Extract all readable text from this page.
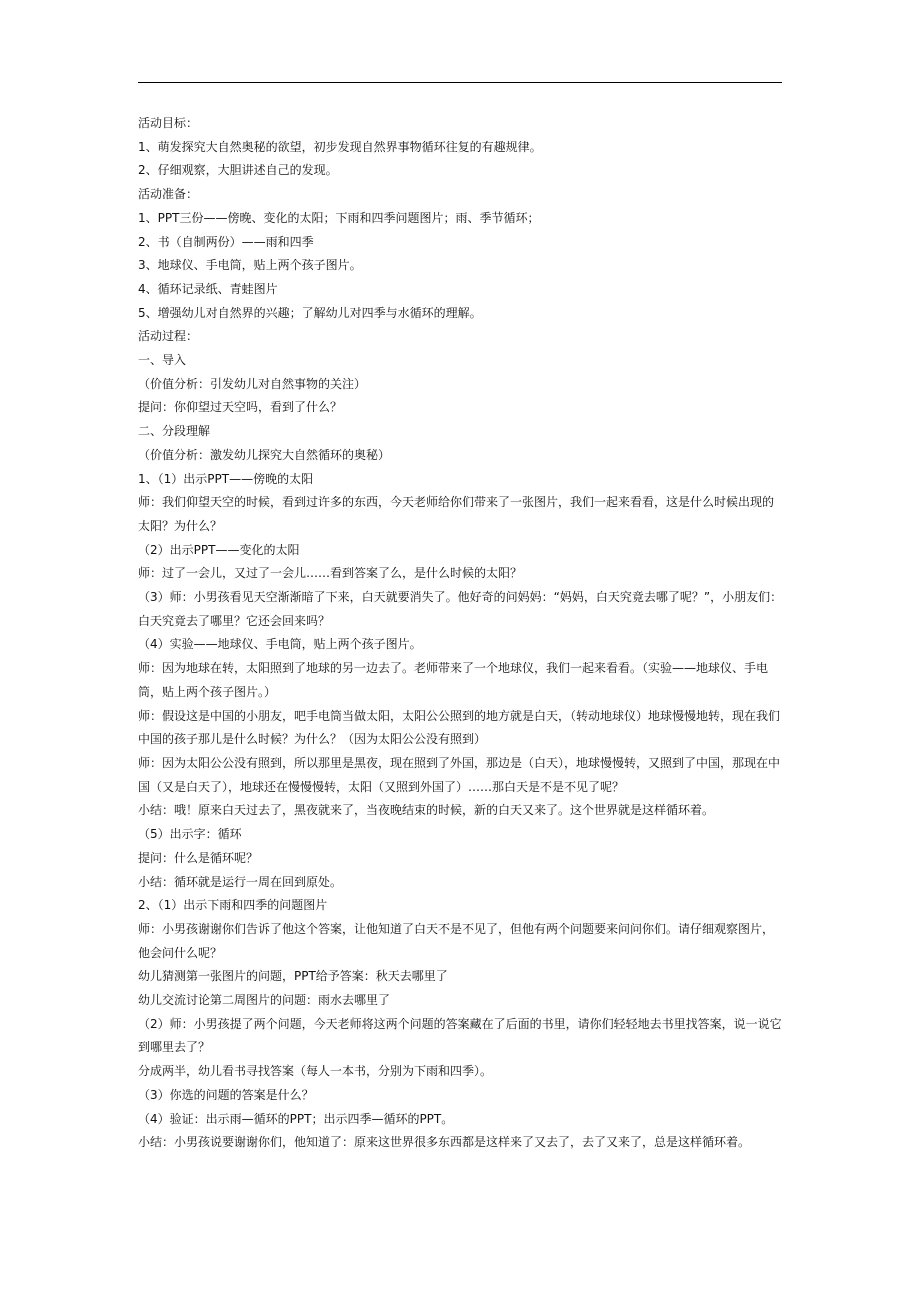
活动目标：
1、萌发探究大自然奥秘的欲望，初步发现自然界事物循环往复的有趣规律。
2、仔细观察，大胆讲述自己的发现。
活动准备：
1、PPT三份——傍晚、变化的太阳；下雨和四季问题图片；雨、季节循环；
2、书（自制两份）——雨和四季
3、地球仪、手电筒，贴上两个孩子图片。
4、循环记录纸、青蛙图片
5、增强幼儿对自然界的兴趣；了解幼儿对四季与水循环的理解。
活动过程：
一、导入
（价值分析：引发幼儿对自然事物的关注）
提问：你仰望过天空吗，看到了什么？
二、分段理解
（价值分析：激发幼儿探究大自然循环的奥秘）
1、（1）出示PPT——傍晚的太阳
师：我们仰望天空的时候，看到过许多的东西，今天老师给你们带来了一张图片，我们一起来看看，这是什么时候出现的太阳？为什么？
（2）出示PPT——变化的太阳
师：过了一会儿，又过了一会儿……看到答案了么，是什么时候的太阳？
（3）师：小男孩看见天空渐渐暗了下来，白天就要消失了。他好奇的问妈妈：“妈妈，白天究竟去哪了呢？”，小朋友们：白天究竟去了哪里？它还会回来吗？
（4）实验——地球仪、手电筒，贴上两个孩子图片。
师：因为地球在转，太阳照到了地球的另一边去了。老师带来了一个地球仪，我们一起来看看。（实验——地球仪、手电筒，贴上两个孩子图片。）
师：假设这是中国的小朋友，吧手电筒当做太阳，太阳公公照到的地方就是白天，（转动地球仪）地球慢慢地转，现在我们中国的孩子那儿是什么时候？为什么？（因为太阳公公没有照到）
师：因为太阳公公没有照到，所以那里是黑夜，现在照到了外国，那边是（白天），地球慢慢转，又照到了中国，那现在中国（又是白天了），地球还在慢慢慢转，太阳（又照到外国了）……那白天是不是不见了呢？
小结：哦！原来白天过去了，黑夜就来了，当夜晚结束的时候，新的白天又来了。这个世界就是这样循环着。
（5）出示字：循环
提问：什么是循环呢？
小结：循环就是运行一周在回到原处。
2、（1）出示下雨和四季的问题图片
师：小男孩谢谢你们告诉了他这个答案，让他知道了白天不是不见了，但他有两个问题要来问问你们。请仔细观察图片，他会问什么呢？
幼儿猜测第一张图片的问题，PPT给予答案：秋天去哪里了
幼儿交流讨论第二周图片的问题：雨水去哪里了
（2）师：小男孩提了两个问题，今天老师将这两个问题的答案藏在了后面的书里，请你们轻轻地去书里找答案，说一说它到哪里去了？
分成两半，幼儿看书寻找答案（每人一本书，分别为下雨和四季）。
（3）你选的问题的答案是什么？
（4）验证：出示雨—循环的PPT；出示四季—循环的PPT。
小结：小男孩说要谢谢你们，他知道了：原来这世界很多东西都是这样来了又去了，去了又来了，总是这样循环着。
